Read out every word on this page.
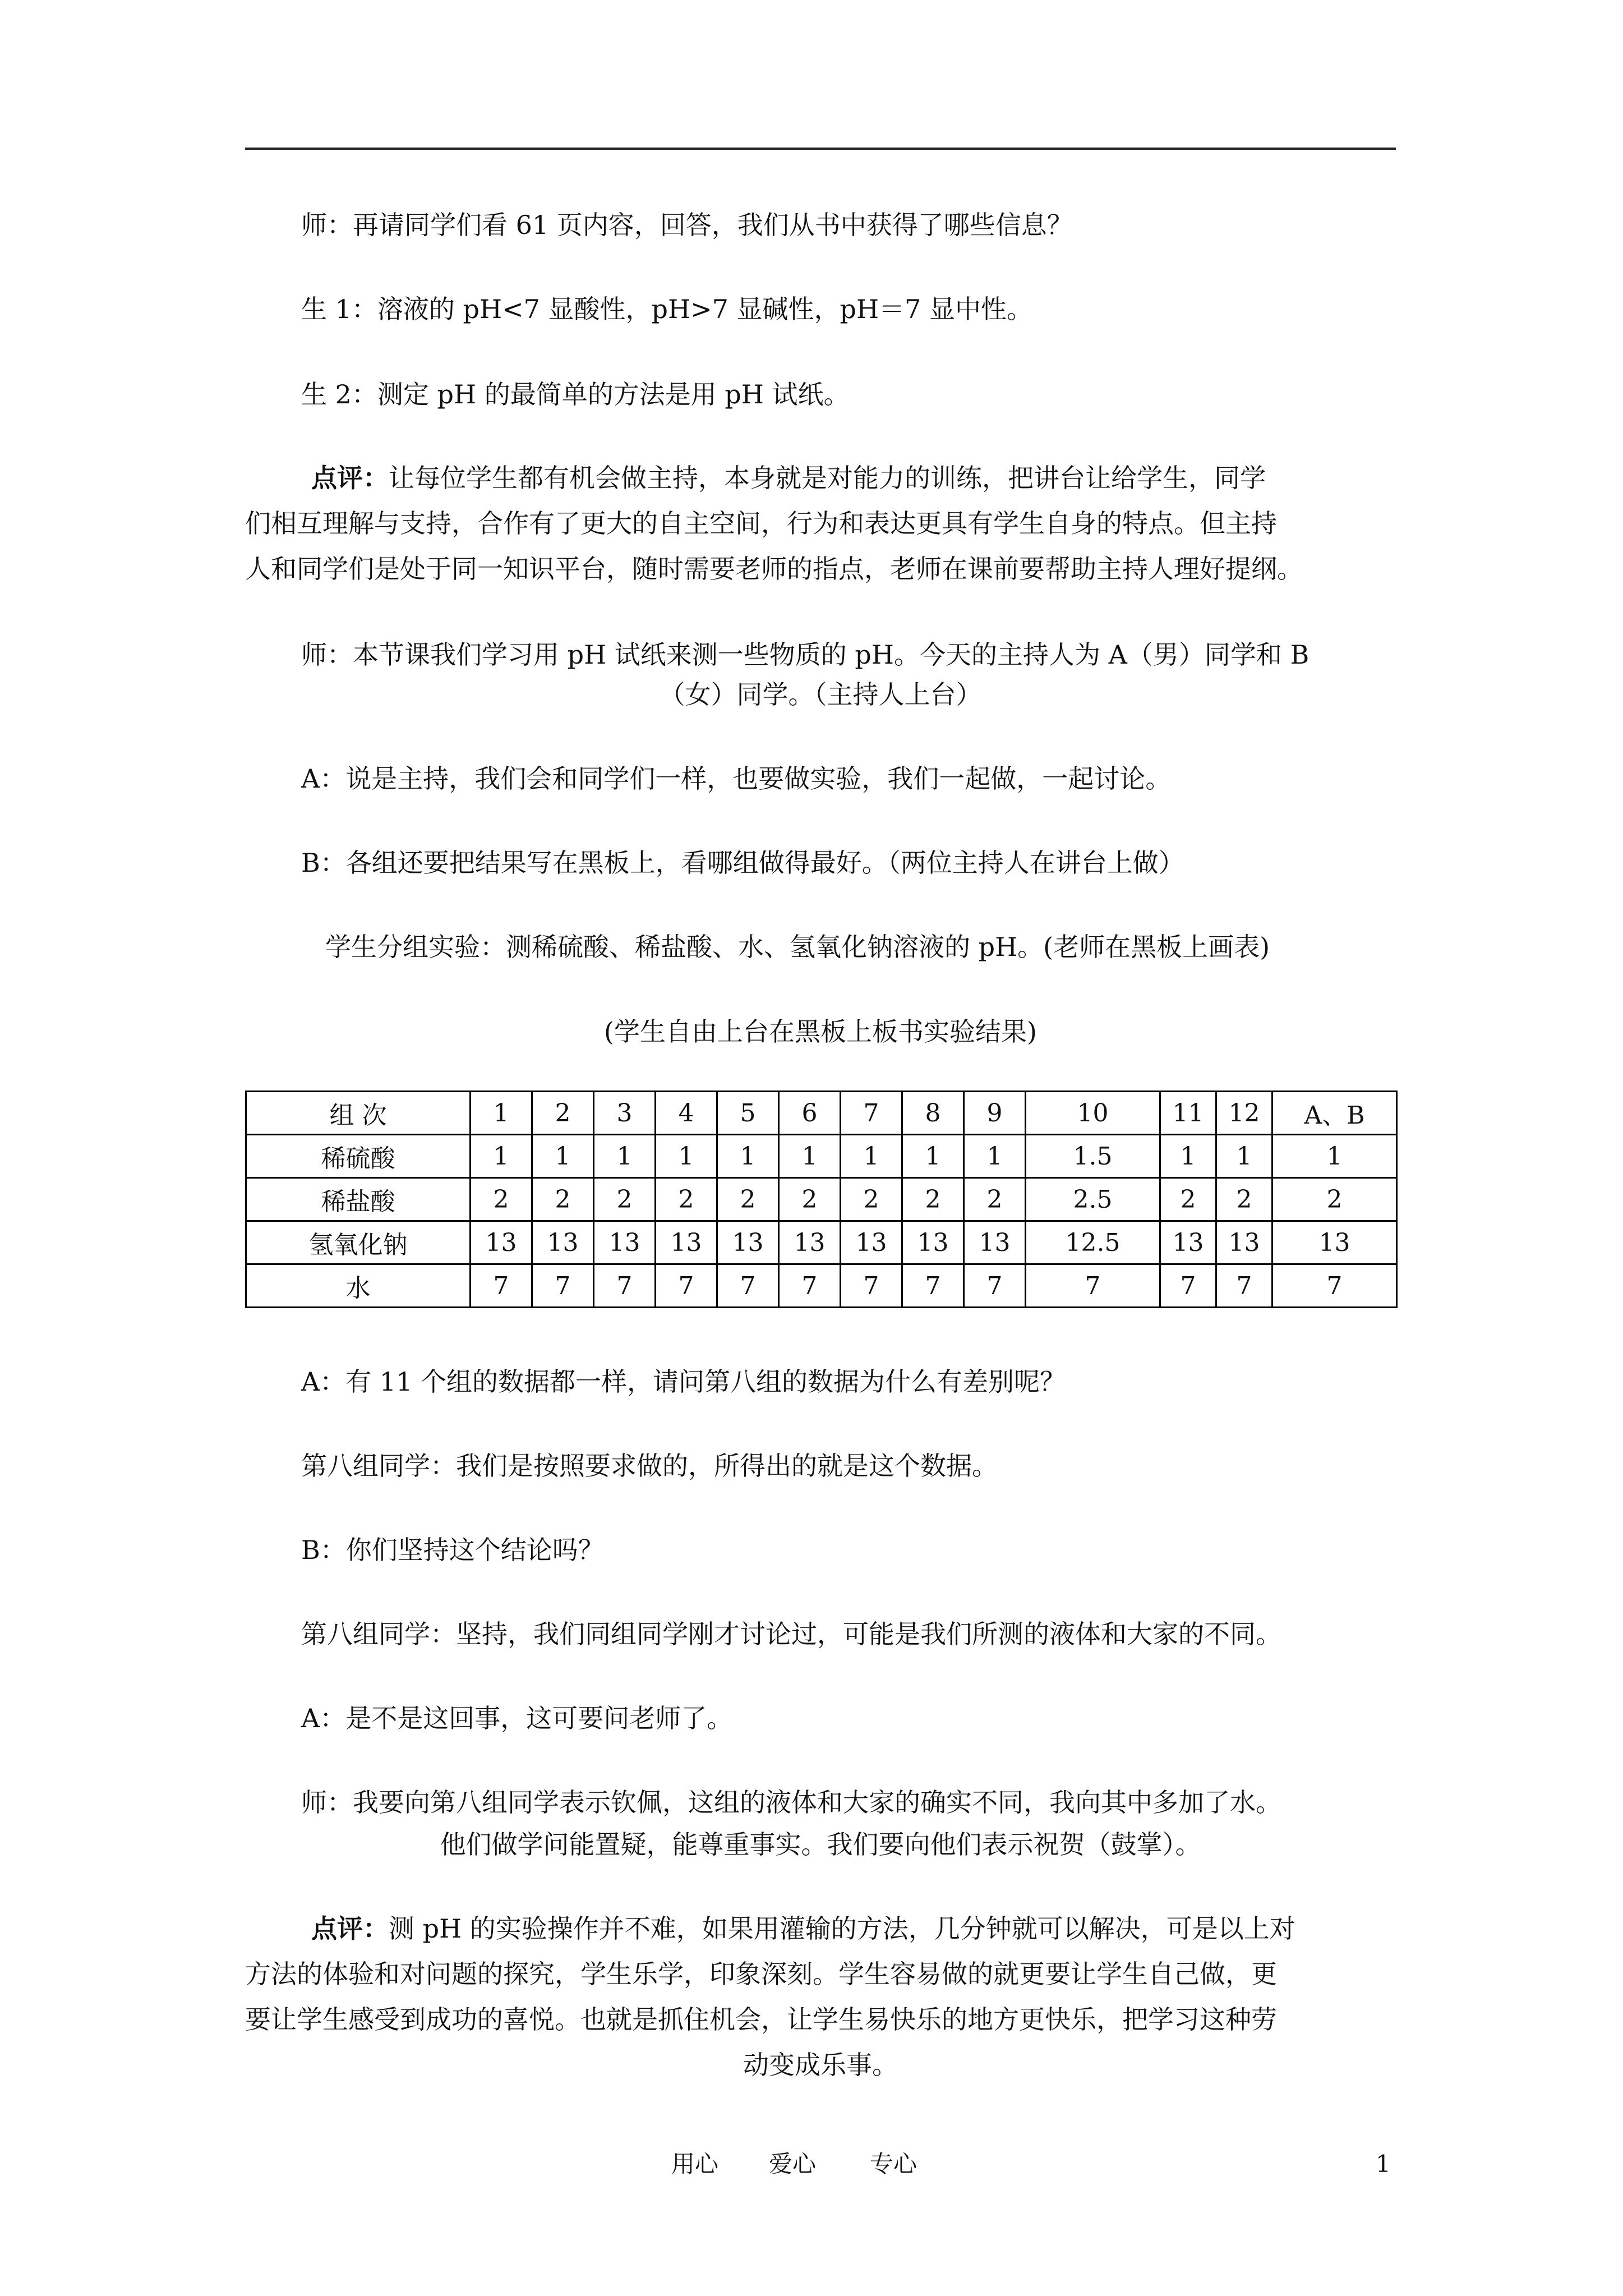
师：再请同学们看 61 页内容，回答，我们从书中获得了哪些信息？
生 1：溶液的 pH<7 显酸性，pH>7 显碱性，pH＝7 显中性。
生 2：测定 pH 的最简单的方法是用 pH 试纸。
点评：让每位学生都有机会做主持，本身就是对能力的训练，把讲台让给学生，同学
们相互理解与支持，合作有了更大的自主空间，行为和表达更具有学生自身的特点。但主持
人和同学们是处于同一知识平台，随时需要老师的指点，老师在课前要帮助主持人理好提纲。
师：本节课我们学习用 pH 试纸来测一些物质的 pH。今天的主持人为 A（男）同学和 B
（女）同学。（主持人上台）
A：说是主持，我们会和同学们一样，也要做实验，我们一起做，一起讨论。
B：各组还要把结果写在黑板上，看哪组做得最好。（两位主持人在讲台上做）
学生分组实验：测稀硫酸、稀盐酸、水、氢氧化钠溶液的 pH。(老师在黑板上画表)
(学生自由上台在黑板上板书实验结果)
组 次	1	2	3	4	5	6	7	8	9	10	11	12	A、B
稀硫酸	1	1	1	1	1	1	1	1	1	1.5	1	1	1
稀盐酸	2	2	2	2	2	2	2	2	2	2.5	2	2	2
氢氧化钠	13	13	13	13	13	13	13	13	13	12.5	13	13	13
水	7	7	7	7	7	7	7	7	7	7	7	7	7
A：有 11 个组的数据都一样，请问第八组的数据为什么有差别呢？
第八组同学：我们是按照要求做的，所得出的就是这个数据。
B：你们坚持这个结论吗？
第八组同学：坚持，我们同组同学刚才讨论过，可能是我们所测的液体和大家的不同。
A：是不是这回事，这可要问老师了。
师：我要向第八组同学表示钦佩，这组的液体和大家的确实不同，我向其中多加了水。
他们做学问能置疑，能尊重事实。我们要向他们表示祝贺（鼓掌）。
点评：测 pH 的实验操作并不难，如果用灌输的方法，几分钟就可以解决，可是以上对
方法的体验和对问题的探究，学生乐学，印象深刻。学生容易做的就更要让学生自己做，更
要让学生感受到成功的喜悦。也就是抓住机会，让学生易快乐的地方更快乐，把学习这种劳
动变成乐事。
用心 爱心 专心	1
